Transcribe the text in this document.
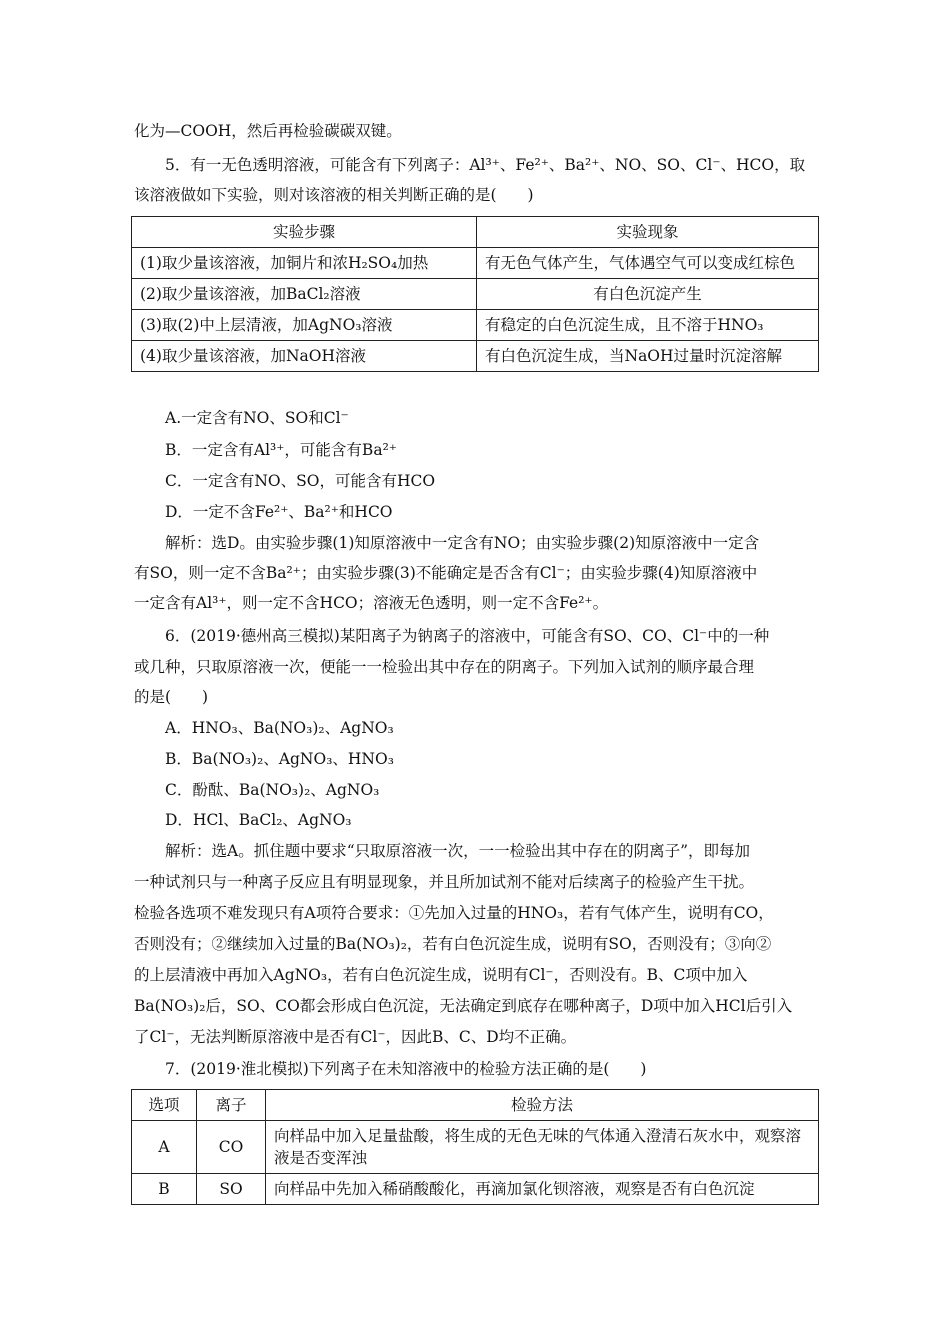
化为—COOH，然后再检验碳碳双键。
5．有一无色透明溶液，可能含有下列离子：Al³⁺、Fe²⁺、Ba²⁺、NO、SO、Cl⁻、HCO，取
该溶液做如下实验，则对该溶液的相关判断正确的是(　　)
实验步骤	实验现象
(1)取少量该溶液，加铜片和浓H₂SO₄加热	有无色气体产生，气体遇空气可以变成红棕色
(2)取少量该溶液，加BaCl₂溶液	有白色沉淀产生
(3)取(2)中上层清液，加AgNO₃溶液	有稳定的白色沉淀生成，且不溶于HNO₃
(4)取少量该溶液，加NaOH溶液	有白色沉淀生成，当NaOH过量时沉淀溶解
A.一定含有NO、SO和Cl⁻
B．一定含有Al³⁺，可能含有Ba²⁺
C．一定含有NO、SO，可能含有HCO
D．一定不含Fe²⁺、Ba²⁺和HCO
解析：选D。由实验步骤(1)知原溶液中一定含有NO；由实验步骤(2)知原溶液中一定含
有SO，则一定不含Ba²⁺；由实验步骤(3)不能确定是否含有Cl⁻；由实验步骤(4)知原溶液中
一定含有Al³⁺，则一定不含HCO；溶液无色透明，则一定不含Fe²⁺。
6．(2019·德州高三模拟)某阳离子为钠离子的溶液中，可能含有SO、CO、Cl⁻中的一种
或几种，只取原溶液一次，便能一一检验出其中存在的阴离子。下列加入试剂的顺序最合理
的是(　　)
A．HNO₃、Ba(NO₃)₂、AgNO₃
B．Ba(NO₃)₂、AgNO₃、HNO₃
C．酚酞、Ba(NO₃)₂、AgNO₃
D．HCl、BaCl₂、AgNO₃
解析：选A。抓住题中要求“只取原溶液一次，一一检验出其中存在的阴离子”，即每加
一种试剂只与一种离子反应且有明显现象，并且所加试剂不能对后续离子的检验产生干扰。
检验各选项不难发现只有A项符合要求：①先加入过量的HNO₃，若有气体产生，说明有CO，
否则没有；②继续加入过量的Ba(NO₃)₂，若有白色沉淀生成，说明有SO，否则没有；③向②
的上层清液中再加入AgNO₃，若有白色沉淀生成，说明有Cl⁻，否则没有。B、C项中加入
Ba(NO₃)₂后，SO、CO都会形成白色沉淀，无法确定到底存在哪种离子，D项中加入HCl后引入
了Cl⁻，无法判断原溶液中是否有Cl⁻，因此B、C、D均不正确。
7．(2019·淮北模拟)下列离子在未知溶液中的检验方法正确的是(　　)
选项	离子	检验方法
A	CO	向样品中加入足量盐酸，将生成的无色无味的气体通入澄清石灰水中，观察溶液是否变浑浊
B	SO	向样品中先加入稀硝酸酸化，再滴加氯化钡溶液，观察是否有白色沉淀
